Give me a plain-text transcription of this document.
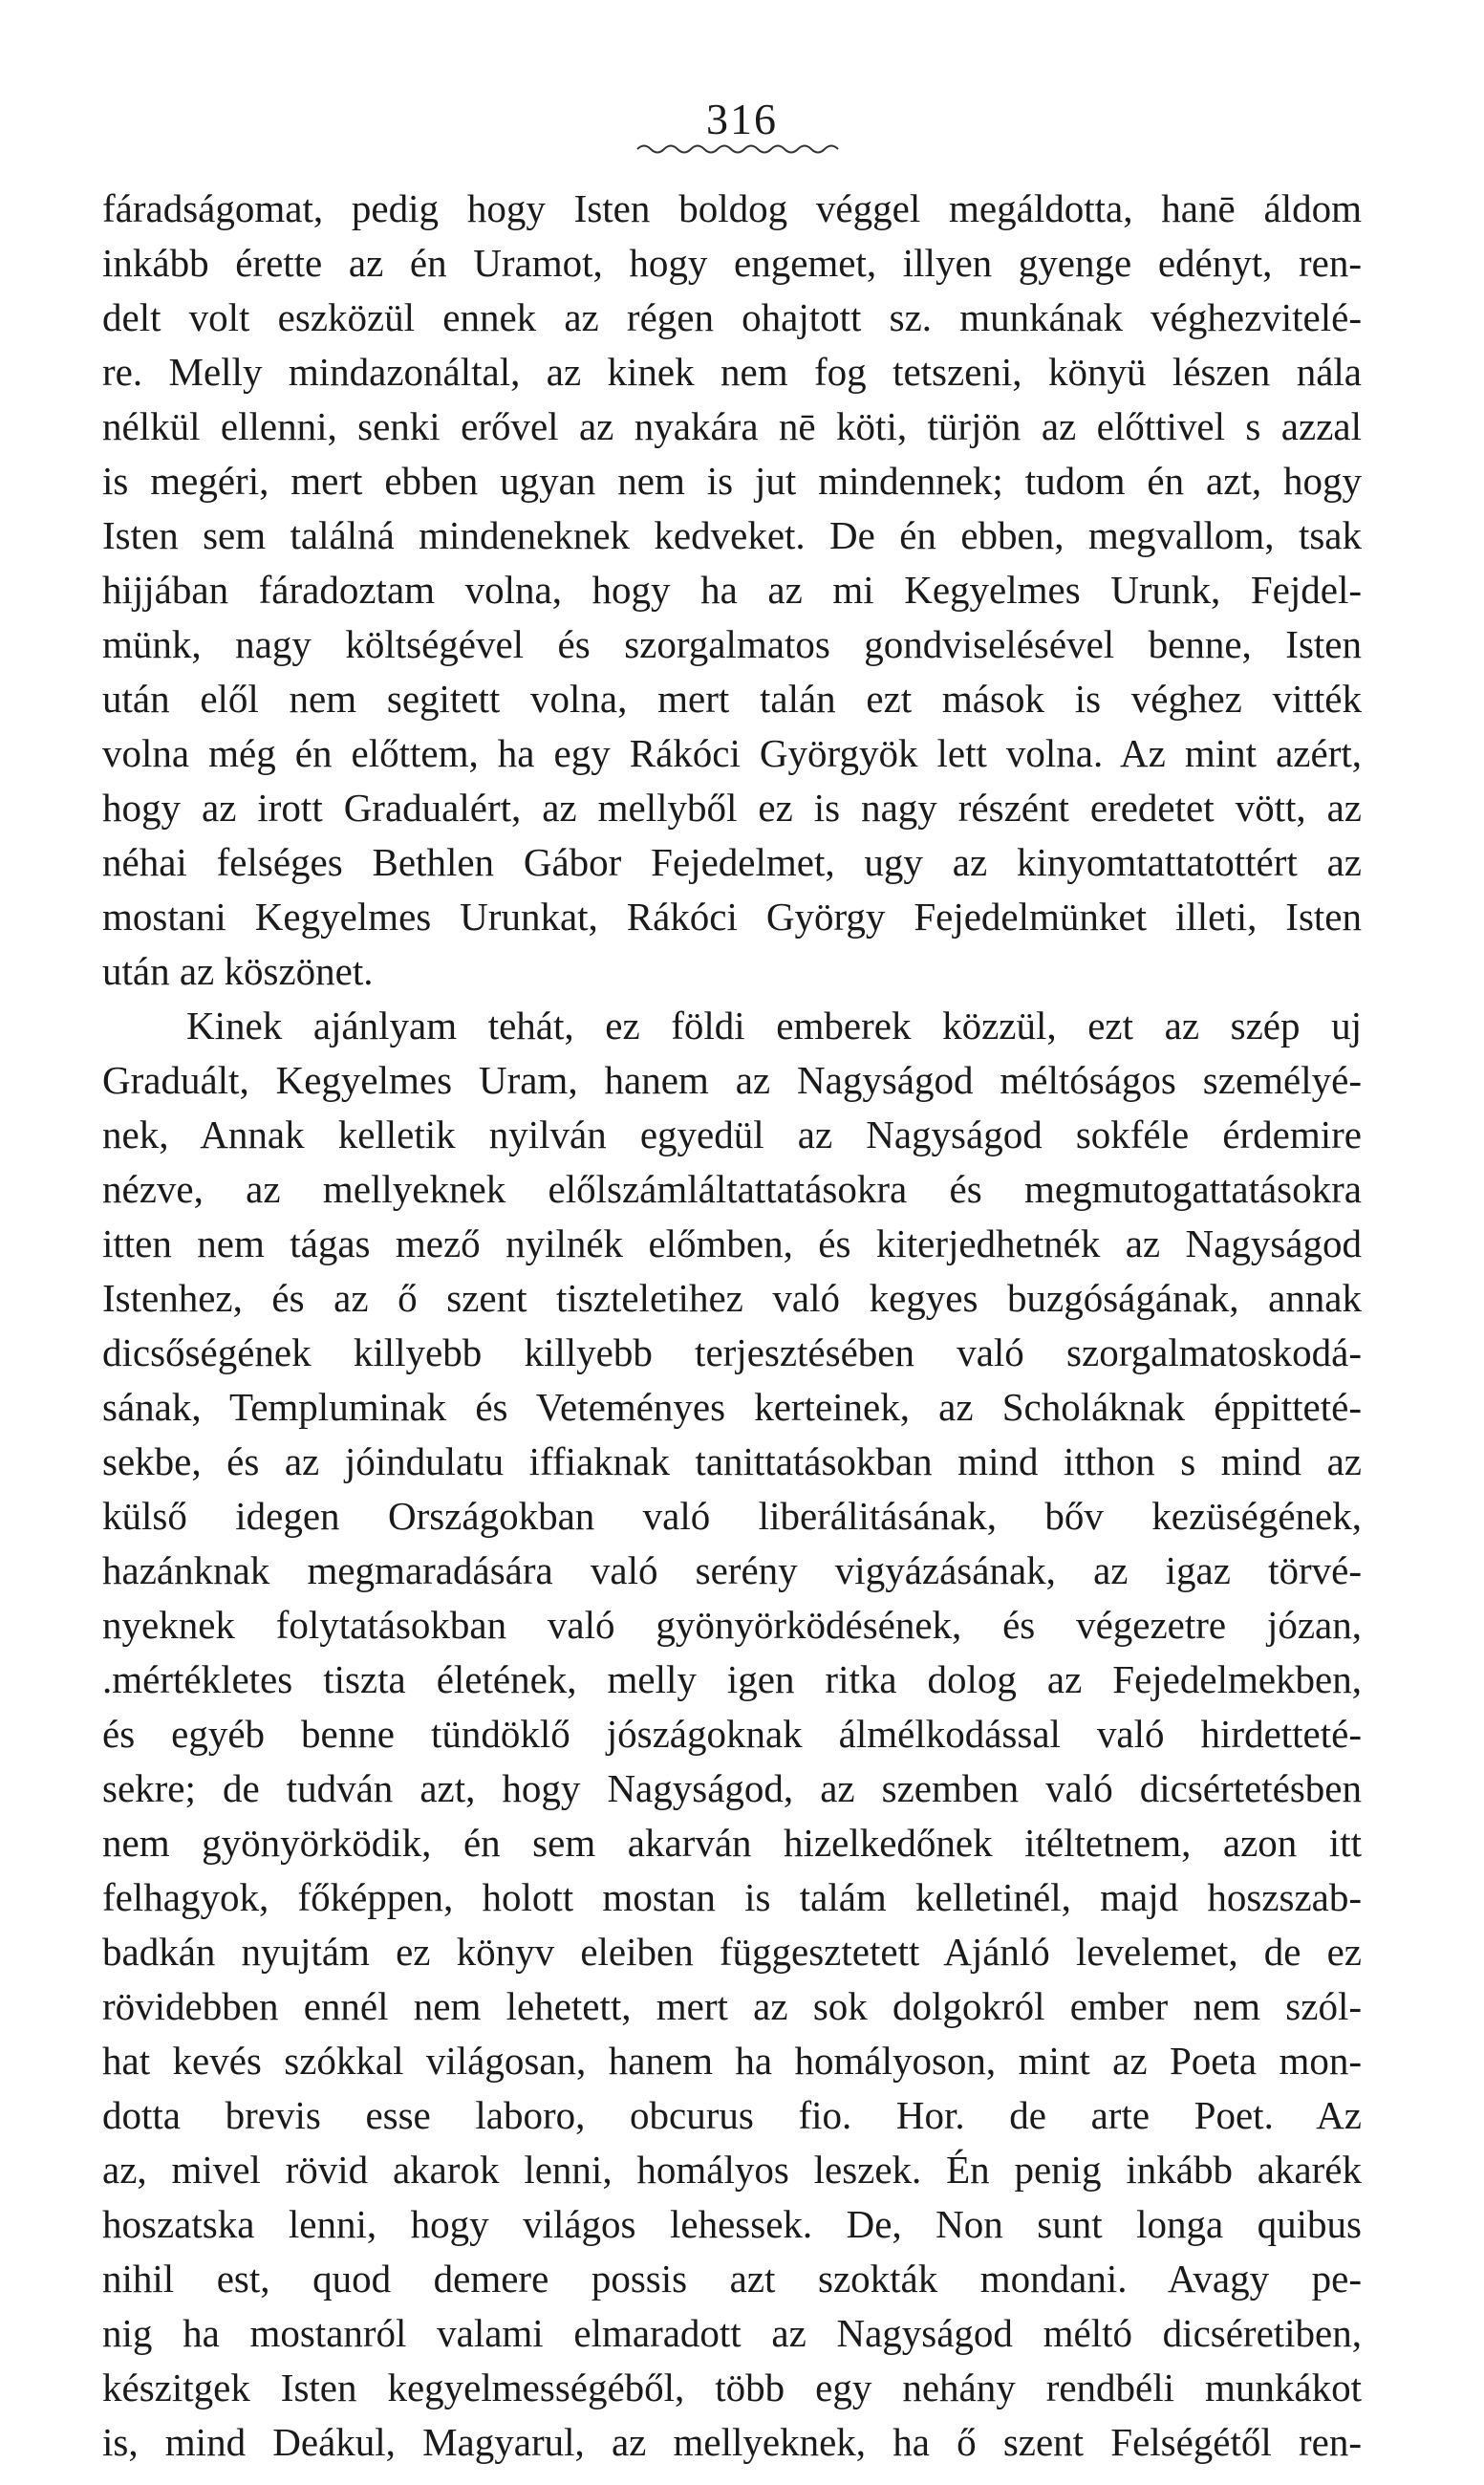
316
fáradságomat, pedig hogy Isten boldog véggel megáldotta, hanē áldom
inkább érette az én Uramot, hogy engemet, illyen gyenge edényt, ren-
delt volt eszközül ennek az régen ohajtott sz. munkának véghezvitelé-
re. Melly mindazonáltal, az kinek nem fog tetszeni, könyü lészen nála
nélkül ellenni, senki erővel az nyakára nē köti, türjön az előttivel s azzal
is megéri, mert ebben ugyan nem is jut mindennek; tudom én azt, hogy
Isten sem találná mindeneknek kedveket. De én ebben, megvallom, tsak
hijjában fáradoztam volna, hogy ha az mi Kegyelmes Urunk, Fejdel-
münk, nagy költségével és szorgalmatos gondviselésével benne, Isten
után elől nem segitett volna, mert talán ezt mások is véghez vitték
volna még én előttem, ha egy Rákóci Györgyök lett volna. Az mint azért,
hogy az irott Gradualért, az mellyből ez is nagy részént eredetet vött, az
néhai felséges Bethlen Gábor Fejedelmet, ugy az kinyomtattatottért az
mostani Kegyelmes Urunkat, Rákóci György Fejedelmünket illeti, Isten
után az köszönet.
Kinek ajánlyam tehát, ez földi emberek közzül, ezt az szép uj
Graduált, Kegyelmes Uram, hanem az Nagyságod méltóságos személyé-
nek, Annak kelletik nyilván egyedül az Nagyságod sokféle érdemire
nézve, az mellyeknek előlszámláltattatásokra és megmutogattatásokra
itten nem tágas mező nyilnék előmben, és kiterjedhetnék az Nagyságod
Istenhez, és az ő szent tiszteletihez való kegyes buzgóságának, annak
dicsőségének killyebb killyebb terjesztésében való szorgalmatoskodá-
sának, Templuminak és Veteményes kerteinek, az Scholáknak éppitteté-
sekbe, és az jóindulatu iffiaknak tanittatásokban mind itthon s mind az
külső idegen Országokban való liberálitásának, bőv kezüségének,
hazánknak megmaradására való serény vigyázásának, az igaz törvé-
nyeknek folytatásokban való gyönyörködésének, és végezetre józan,
.mértékletes tiszta életének, melly igen ritka dolog az Fejedelmekben,
és egyéb benne tündöklő jószágoknak álmélkodással való hirdetteté-
sekre; de tudván azt, hogy Nagyságod, az szemben való dicsértetésben
nem gyönyörködik, én sem akarván hizelkedőnek itéltetnem, azon itt
felhagyok, főképpen, holott mostan is talám kelletinél, majd hoszszab-
badkán nyujtám ez könyv eleiben függesztetett Ajánló levelemet, de ez
rövidebben ennél nem lehetett, mert az sok dolgokról ember nem szól-
hat kevés szókkal világosan, hanem ha homályoson, mint az Poeta mon-
dotta brevis esse laboro, obcurus fio. Hor. de arte Poet. Az
az, mivel rövid akarok lenni, homályos leszek. Én penig inkább akarék
hoszatska lenni, hogy világos lehessek. De, Non sunt longa quibus
nihil est, quod demere possis azt szokták mondani. Avagy pe-
nig ha mostanról valami elmaradott az Nagyságod méltó dicséretiben,
készitgek Isten kegyelmességéből, több egy nehány rendbéli munkákot
is, mind Deákul, Magyarul, az mellyeknek, ha ő szent Felségétől ren-
